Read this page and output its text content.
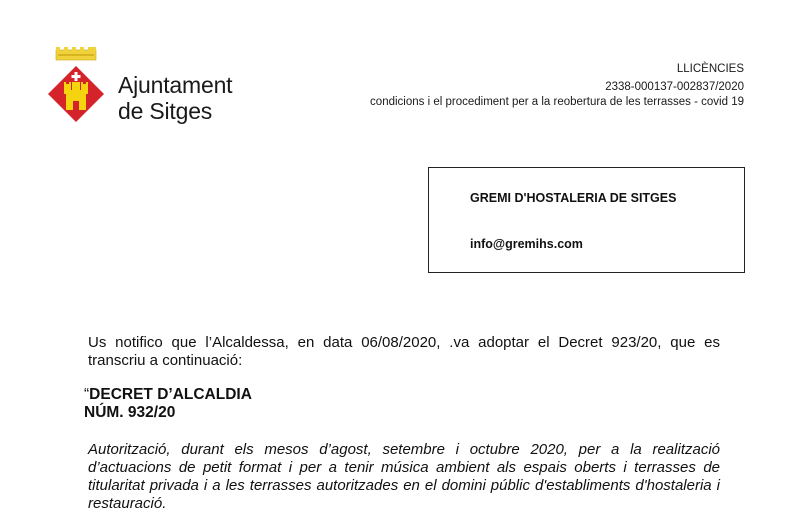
Ajuntament
de Sitges
LLICÈNCIES
2338-000137-002837/2020
condicions i el procediment per a la reobertura de les terrasses - covid 19
GREMI D'HOSTALERIA DE SITGES
info@gremihs.com
Us notifico que l’Alcaldessa, en data 06/08/2020, .va adoptar el Decret 923/20, que es transcriu a continuació:
“DECRET D’ALCALDIA
NÚM. 932/20
Autorització, durant els mesos d’agost, setembre i octubre 2020, per a la realització d’actuacions de petit format i per a tenir música ambient als espais oberts i terrasses de titularitat privada i a les terrasses autoritzades en el domini públic d'establiments d'hostaleria i restauració.
